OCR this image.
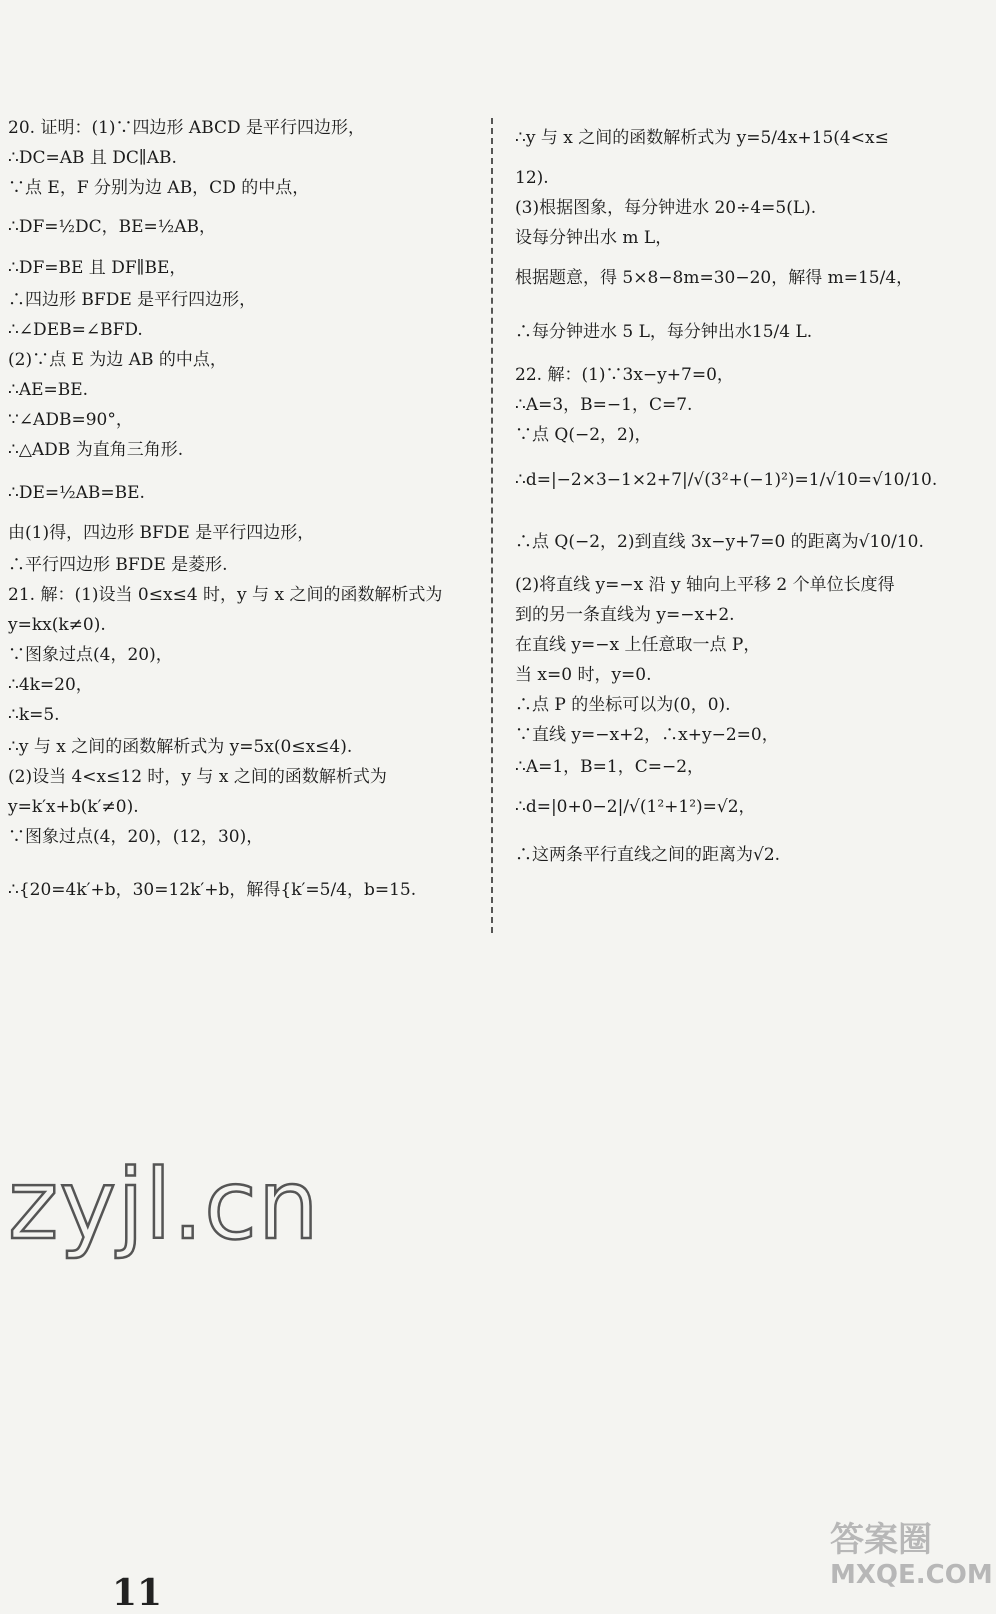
20. 证明：(1)∵四边形 ABCD 是平行四边形，
∴DC=AB 且 DC∥AB.
∵点 E，F 分别为边 AB，CD 的中点，
∴DF=½DC，BE=½AB，
∴DF=BE 且 DF∥BE，
∴四边形 BFDE 是平行四边形，
∴∠DEB=∠BFD.
(2)∵点 E 为边 AB 的中点，
∴AE=BE.
∵∠ADB=90°，
∴△ADB 为直角三角形.
∴DE=½AB=BE.
由(1)得，四边形 BFDE 是平行四边形，
∴平行四边形 BFDE 是菱形.
21. 解：(1)设当 0≤x≤4 时，y 与 x 之间的函数解析式为
y=kx(k≠0).
∵图象过点(4，20)，
∴4k=20，
∴k=5.
∴y 与 x 之间的函数解析式为 y=5x(0≤x≤4).
(2)设当 4<x≤12 时，y 与 x 之间的函数解析式为
y=k′x+b(k′≠0).
∵图象过点(4，20)，(12，30)，
∴{20=4k′+b，30=12k′+b，解得{k′=5/4，b=15.
∴y 与 x 之间的函数解析式为 y=5/4x+15(4<x≤
12).
(3)根据图象，每分钟进水 20÷4=5(L).
设每分钟出水 m L，
根据题意，得 5×8−8m=30−20，解得 m=15/4，
∴每分钟进水 5 L，每分钟出水15/4 L.
22. 解：(1)∵3x−y+7=0，
∴A=3，B=−1，C=7.
∵点 Q(−2，2)，
∴d=|−2×3−1×2+7|/√(3²+(−1)²)=1/√10=√10/10.
∴点 Q(−2，2)到直线 3x−y+7=0 的距离为√10/10.
(2)将直线 y=−x 沿 y 轴向上平移 2 个单位长度得
到的另一条直线为 y=−x+2.
在直线 y=−x 上任意取一点 P，
当 x=0 时，y=0.
∴点 P 的坐标可以为(0，0).
∵直线 y=−x+2，∴x+y−2=0，
∴A=1，B=1，C=−2，
∴d=|0+0−2|/√(1²+1²)=√2，
∴这两条平行直线之间的距离为√2.
zyjl.cn
答案圈
MXQE.COM
11
